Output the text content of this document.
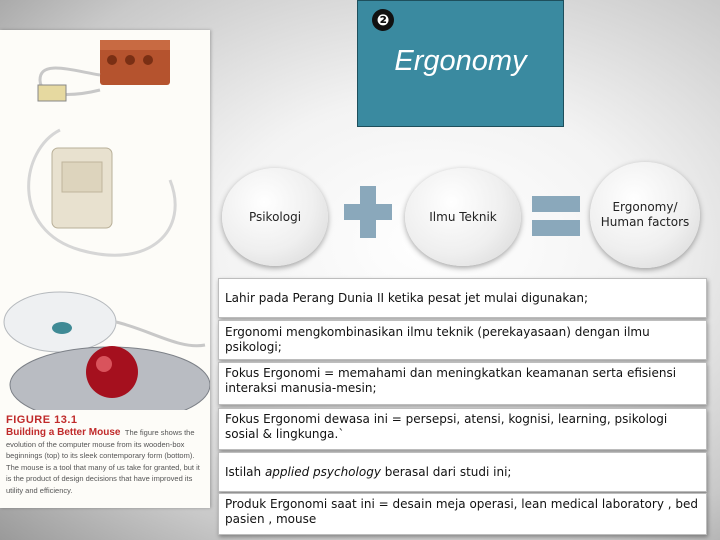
FIGURE 13.1
Building a Better Mouse The figure shows the evolution of the computer mouse from its wooden-box beginnings (top) to its sleek contemporary form (bottom). The mouse is a tool that many of us take for granted, but it is the product of design decisions that have improved its utility and efficiency.
❷
Ergonomy
Psikologi	Ilmu Teknik
Ergonomy/ Human factors
Lahir pada Perang Dunia II ketika pesat jet mulai digunakan;
Ergonomi mengkombinasikan ilmu teknik (perekayasaan) dengan ilmu psikologi;
Fokus Ergonomi = memahami dan meningkatkan keamanan serta efisiensi interaksi manusia-mesin;
Fokus Ergonomi dewasa ini = persepsi, atensi, kognisi, learning, psikologi sosial & lingkunga.`
Istilah applied psychology berasal dari studi ini;
Produk Ergonomi saat ini = desain meja operasi, lean medical laboratory , bed pasien , mouse
